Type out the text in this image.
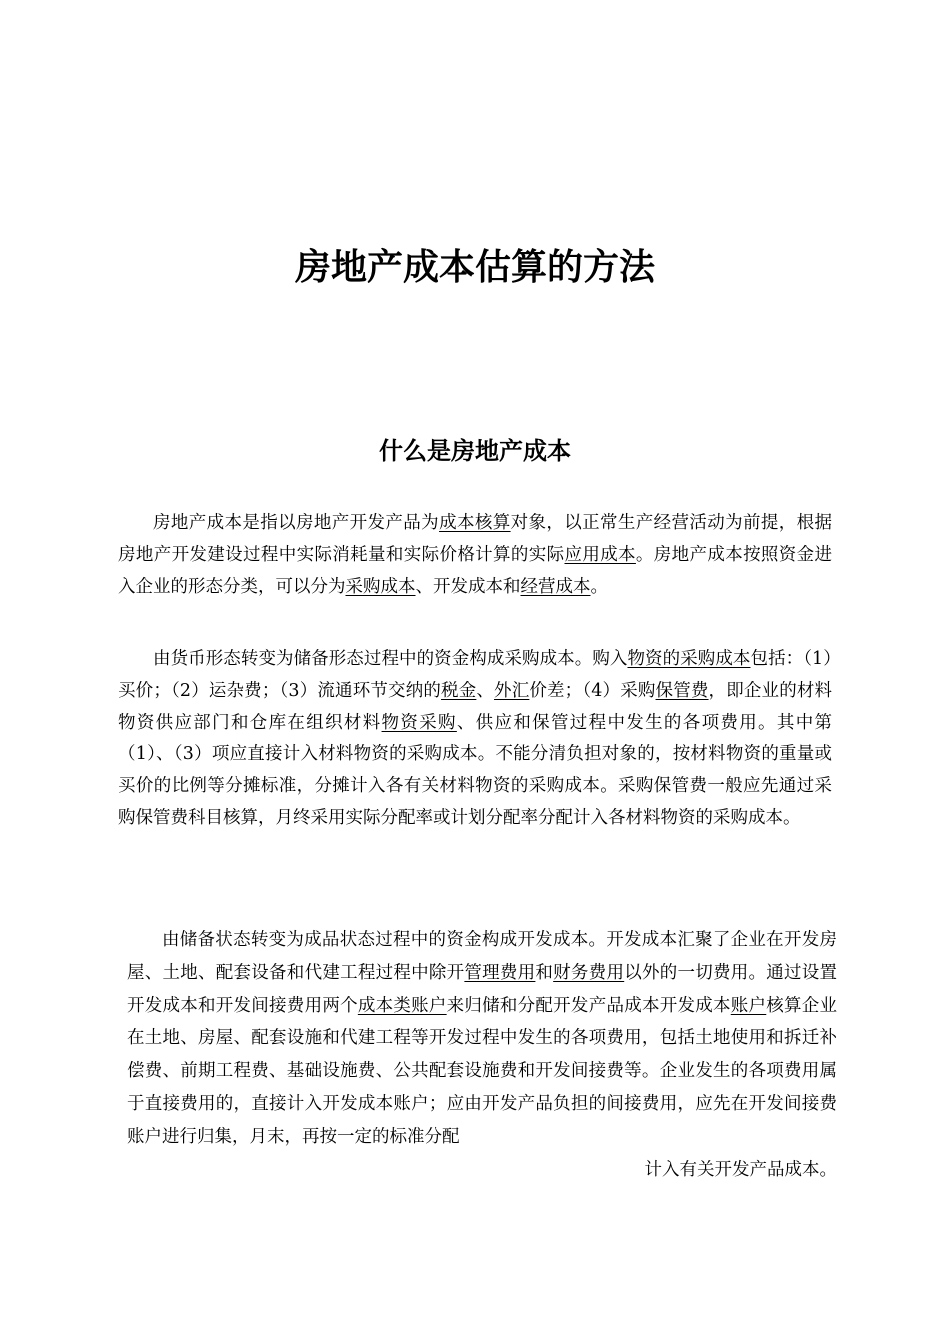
房地产成本估算的方法
什么是房地产成本

房地产成本是指以房地产开发产品为成本核算对象，以正常生产经营活动为前提，根据房地产开发建设过程中实际消耗量和实际价格计算的实际应用成本。房地产成本按照资金进入企业的形态分类，可以分为采购成本、开发成本和经营成本。

由货币形态转变为储备形态过程中的资金构成采购成本。购入物资的采购成本包括：（1）买价；（2）运杂费；（3）流通环节交纳的税金、外汇价差；（4）采购保管费，即企业的材料物资供应部门和仓库在组织材料物资采购、供应和保管过程中发生的各项费用。其中第（1）、（3）项应直接计入材料物资的采购成本。不能分清负担对象的，按材料物资的重量或买价的比例等分摊标准，分摊计入各有关材料物资的采购成本。采购保管费一般应先通过采购保管费科目核算，月终采用实际分配率或计划分配率分配计入各材料物资的采购成本。

由储备状态转变为成品状态过程中的资金构成开发成本。开发成本汇聚了企业在开发房屋、土地、配套设备和代建工程过程中除开管理费用和财务费用以外的一切费用。通过设置开发成本和开发间接费用两个成本类账户来归储和分配开发产品成本开发成本账户核算企业在土地、房屋、配套设施和代建工程等开发过程中发生的各项费用，包括土地使用和拆迁补偿费、前期工程费、基础设施费、公共配套设施费和开发间接费等。企业发生的各项费用属于直接费用的，直接计入开发成本账户；应由开发产品负担的间接费用，应先在开发间接费账户进行归集，月末，再按一定的标准分配
计入有关开发产品成本。
